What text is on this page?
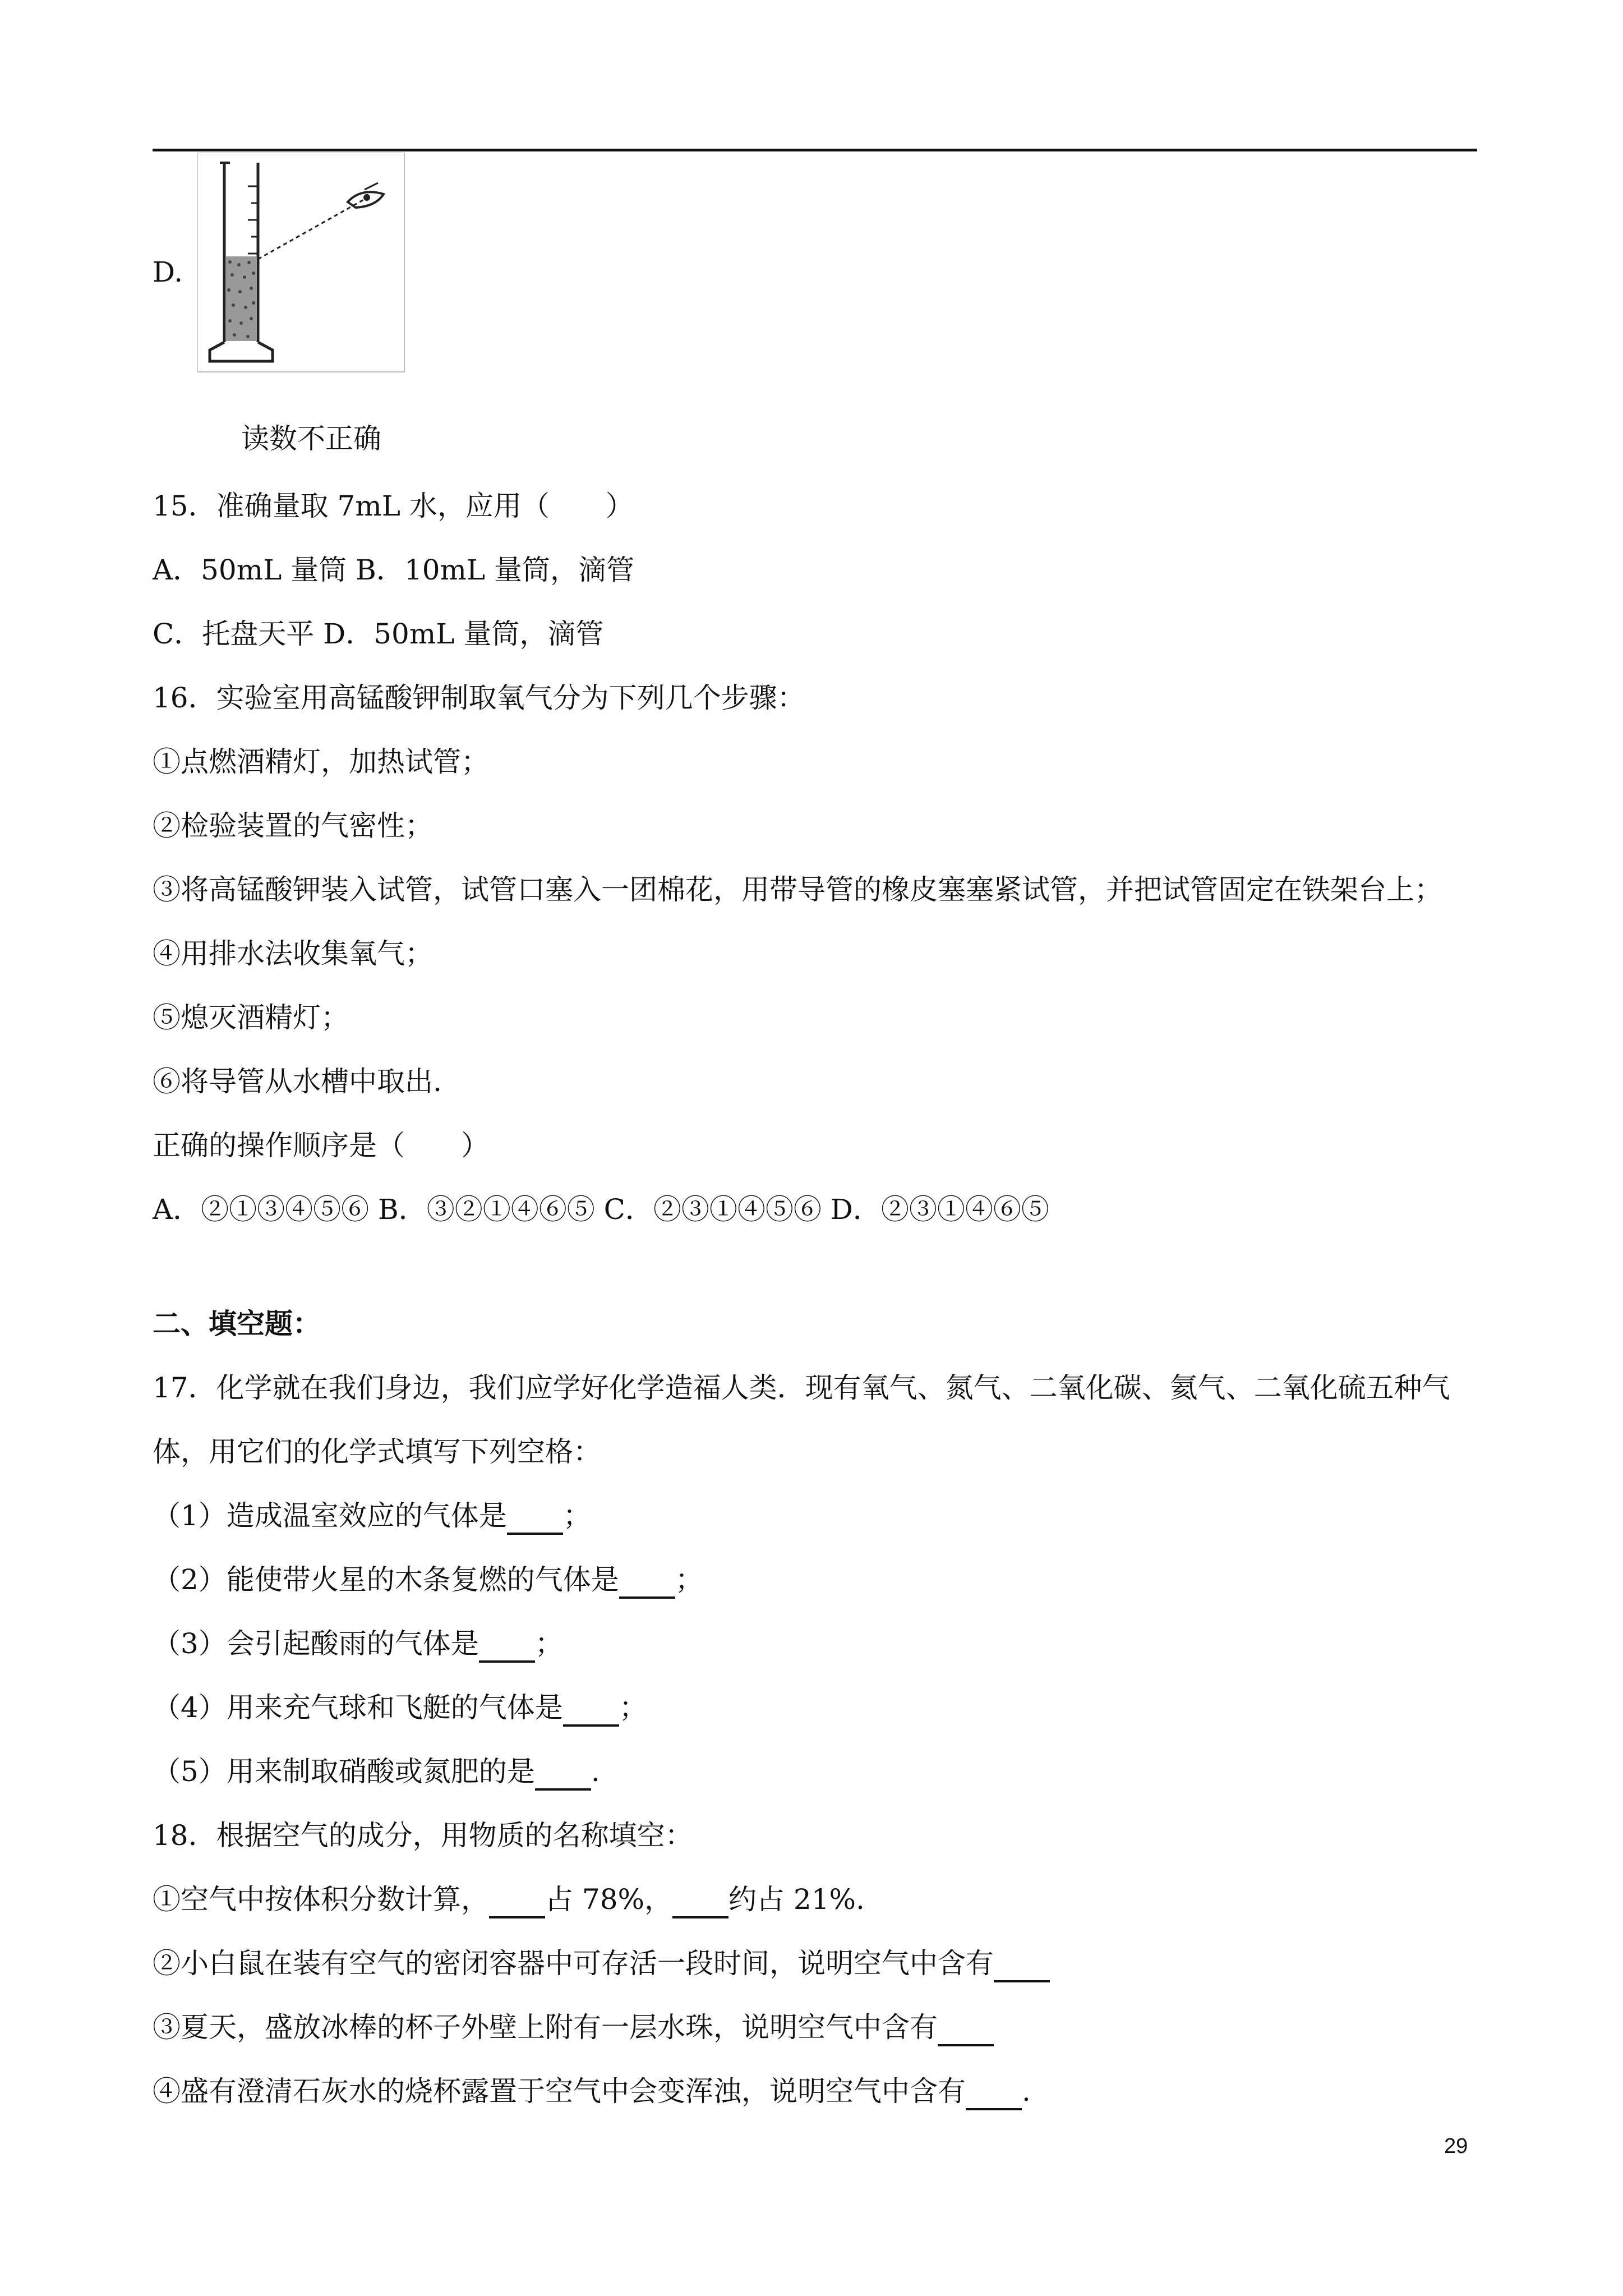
D.
读数不正确
15．准确量取 7mL 水，应用（　　）
A．50mL 量筒 B．10mL 量筒，滴管
C．托盘天平 D．50mL 量筒，滴管
16．实验室用高锰酸钾制取氧气分为下列几个步骤：
①点燃酒精灯，加热试管；
②检验装置的气密性；
③将高锰酸钾装入试管，试管口塞入一团棉花，用带导管的橡皮塞塞紧试管，并把试管固定在铁架台上；
④用排水法收集氧气；
⑤熄灭酒精灯；
⑥将导管从水槽中取出.
正确的操作顺序是（　　）
A．②①③④⑤⑥ B．③②①④⑥⑤ C．②③①④⑤⑥ D．②③①④⑥⑤
二、填空题：
17．化学就在我们身边，我们应学好化学造福人类．现有氧气、氮气、二氧化碳、氦气、二氧化硫五种气
体，用它们的化学式填写下列空格：
（1）造成温室效应的气体是 ；
（2）能使带火星的木条复燃的气体是 ；
（3）会引起酸雨的气体是 ；
（4）用来充气球和飞艇的气体是 ；
（5）用来制取硝酸或氮肥的是 .
18．根据空气的成分，用物质的名称填空：
①空气中按体积分数计算， 占 78%， 约占 21%.
②小白鼠在装有空气的密闭容器中可存活一段时间，说明空气中含有
③夏天，盛放冰棒的杯子外壁上附有一层水珠，说明空气中含有
④盛有澄清石灰水的烧杯露置于空气中会变浑浊，说明空气中含有 .
29
